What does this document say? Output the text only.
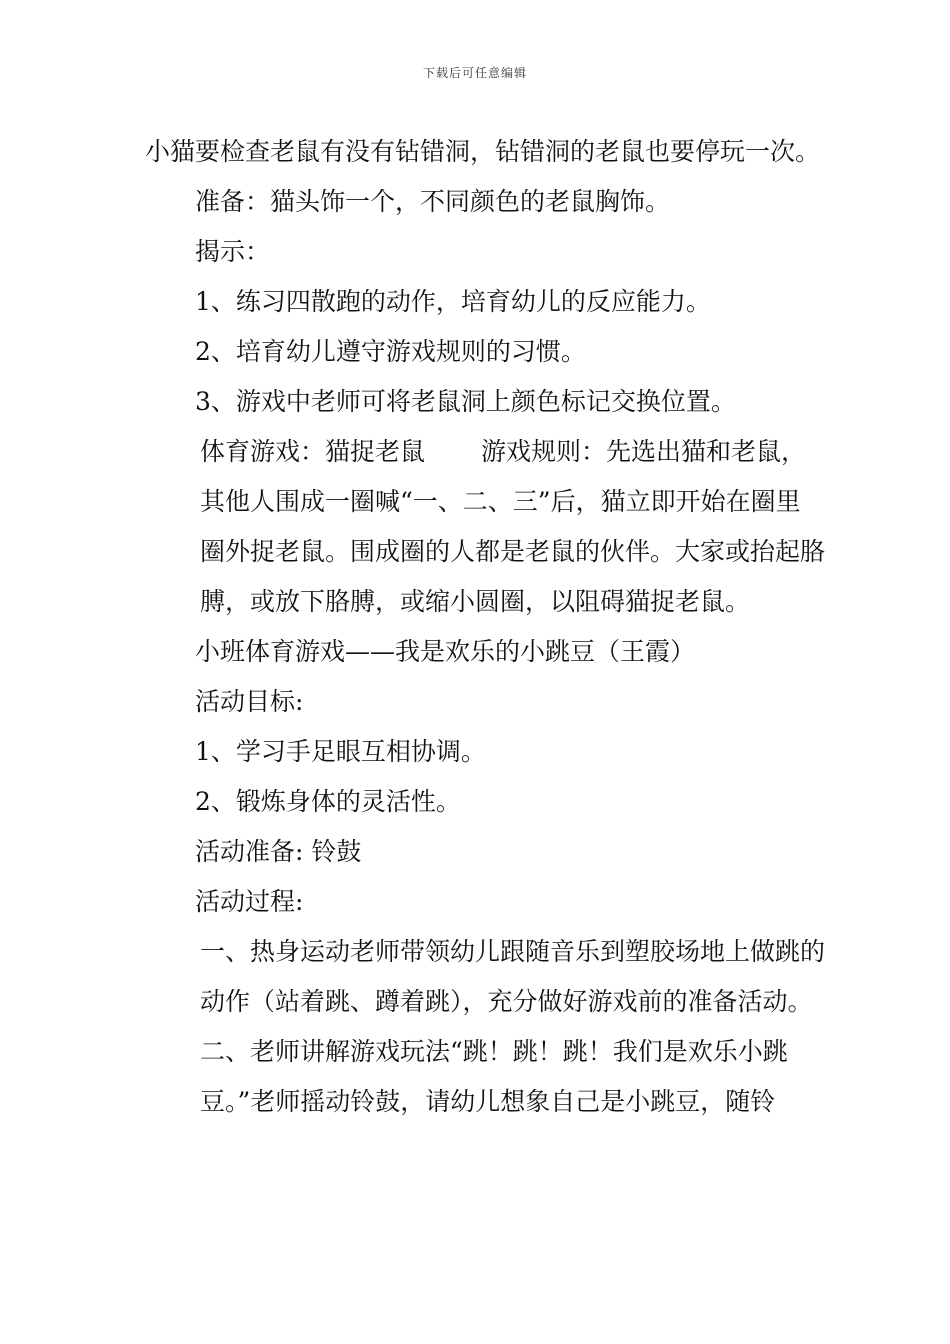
下载后可任意编辑

小猫要检查老鼠有没有钻错洞，钻错洞的老鼠也要停玩一次。

准备：猫头饰一个，不同颜色的老鼠胸饰。

揭示：

1、练习四散跑的动作，培育幼儿的反应能力。

2、培育幼儿遵守游戏规则的习惯。

3、游戏中老师可将老鼠洞上颜色标记交换位置。

体育游戏：猫捉老鼠 游戏规则：先选出猫和老鼠，其他人围成一圈喊“一、二、三”后，猫立即开始在圈里圈外捉老鼠。围成圈的人都是老鼠的伙伴。大家或抬起胳膊，或放下胳膊，或缩小圆圈，以阻碍猫捉老鼠。

小班体育游戏——我是欢乐的小跳豆（王霞）

活动目标:

1、学习手足眼互相协调。

2、锻炼身体的灵活性。

活动准备: 铃鼓

活动过程:

一、热身运动老师带领幼儿跟随音乐到塑胶场地上做跳的动作（站着跳、蹲着跳），充分做好游戏前的准备活动。

二、老师讲解游戏玩法“跳！跳！跳！我们是欢乐小跳豆。”老师摇动铃鼓，请幼儿想象自己是小跳豆，随铃
